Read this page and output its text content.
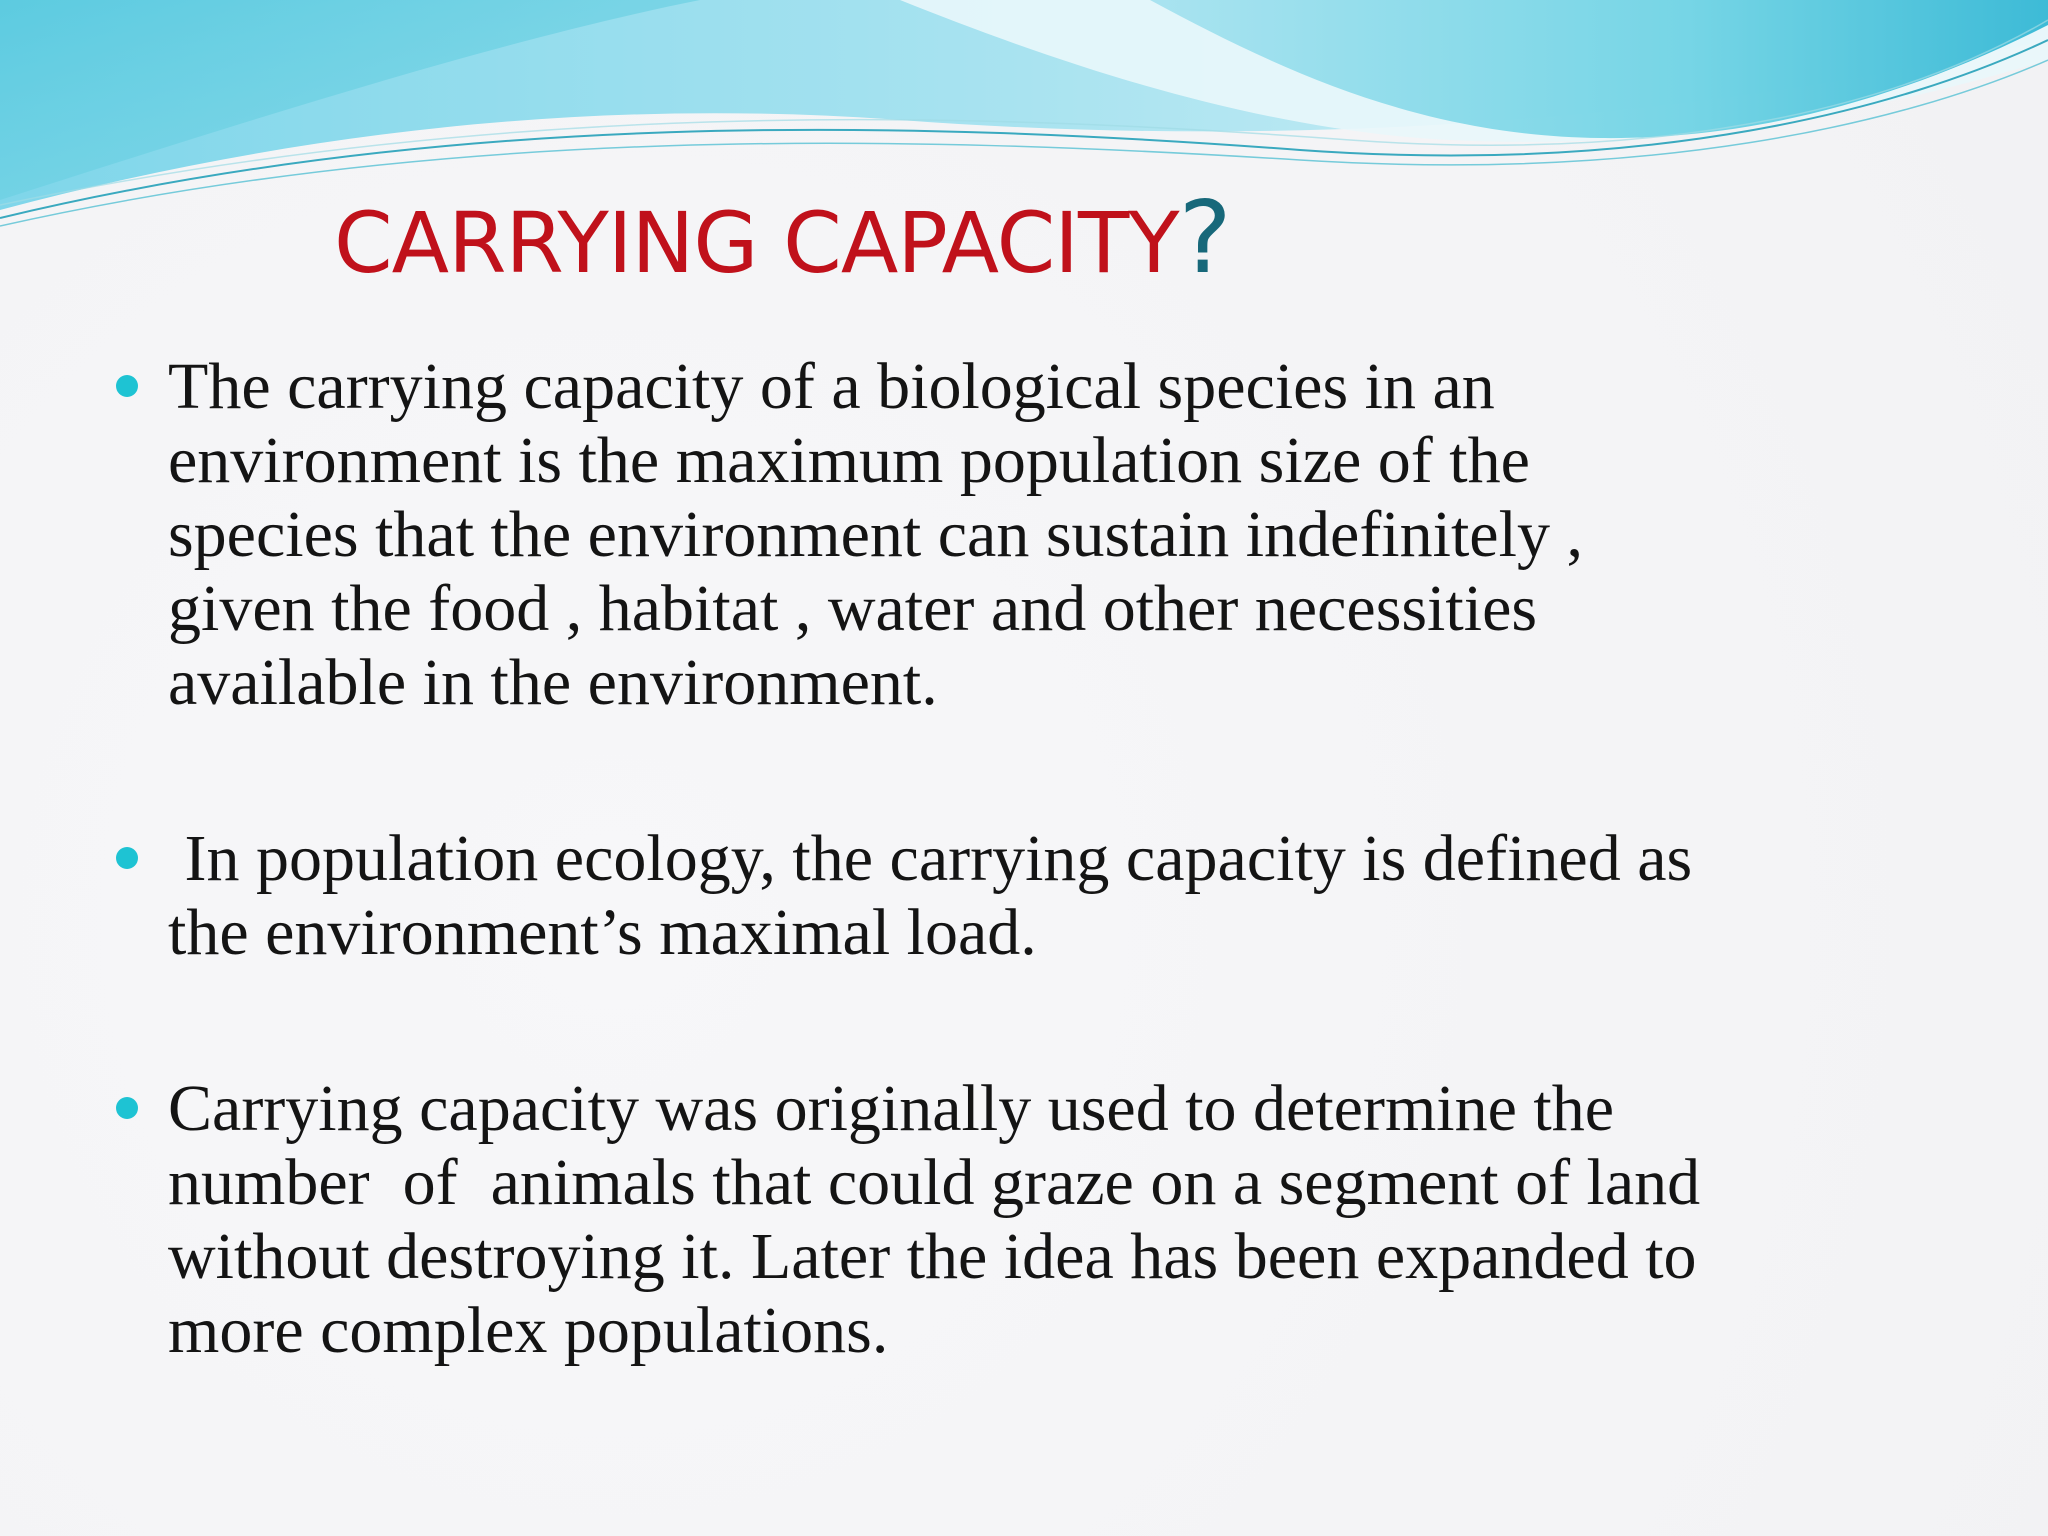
CARRYING CAPACITY?
The carrying capacity of a biological species in an
environment is the maximum population size of the
species that the environment can sustain indefinitely ,
given the food , habitat , water and other necessities
available in the environment.
In population ecology, the carrying capacity is defined as
the environment’s maximal load.
Carrying capacity was originally used to determine the
number  of  animals that could graze on a segment of land
without destroying it. Later the idea has been expanded to
more complex populations.
